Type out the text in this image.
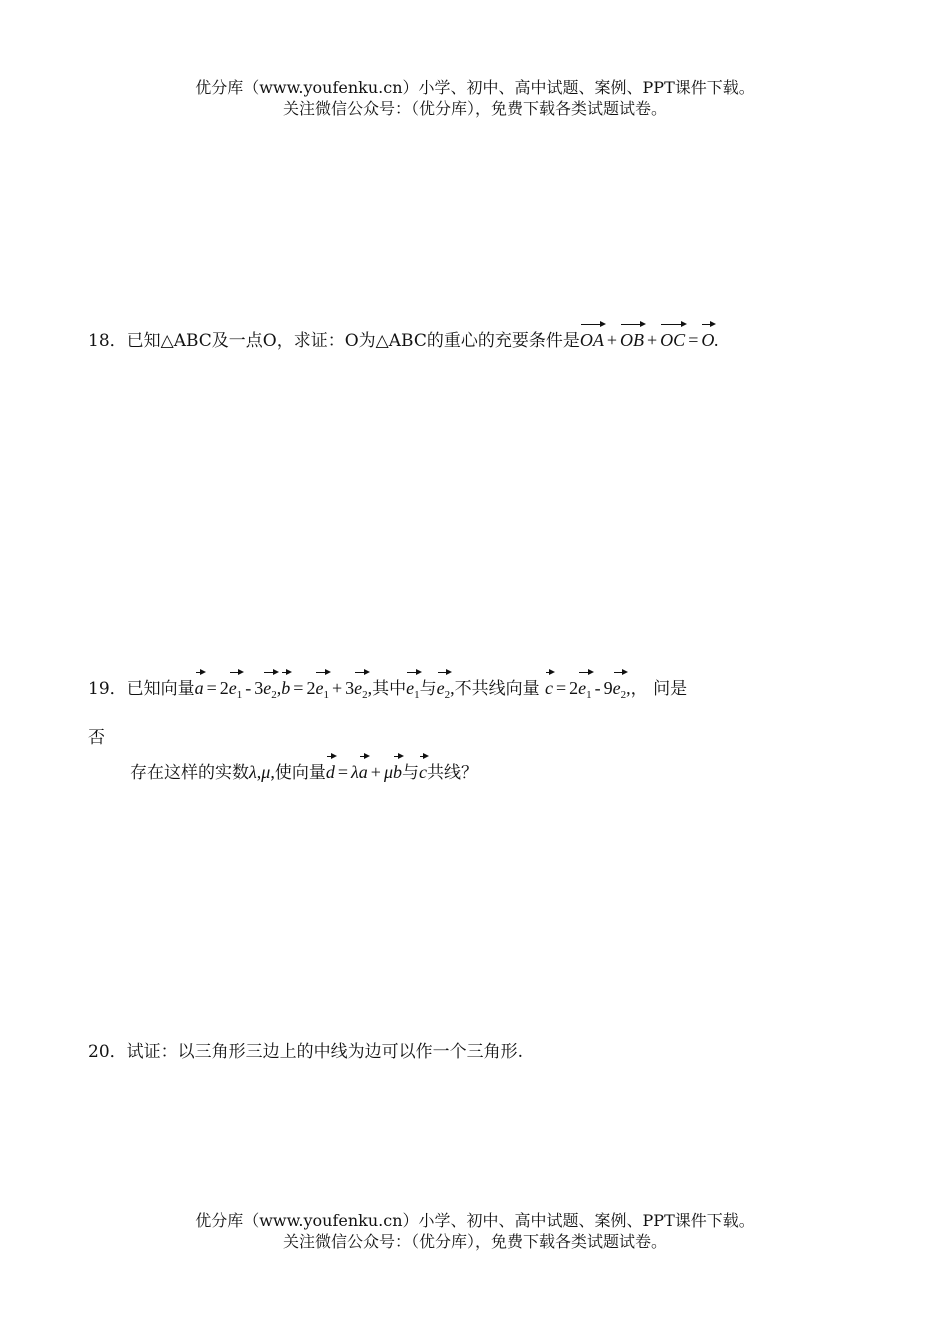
优分库（www.youfenku.cn）小学、初中、高中试题、案例、PPT课件下载。
关注微信公众号：（优分库），免费下载各类试题试卷。
18．已知△ABC及一点O，求证：O为△ABC的重心的充要条件是OA + OB + OC = O.
19．已知向量$a = 2e_1 - 3e_2,b = 2e_1 + 3e_2$,其中$e_1$与$e_2$,不共线向量 $c = 2e_1 - 9e_2$,， 问是
否
存在这样的实数λ,μ,使向量d = λa + μb与c共线？
20．试证：以三角形三边上的中线为边可以作一个三角形.
优分库（www.youfenku.cn）小学、初中、高中试题、案例、PPT课件下载。
关注微信公众号：（优分库），免费下载各类试题试卷。
